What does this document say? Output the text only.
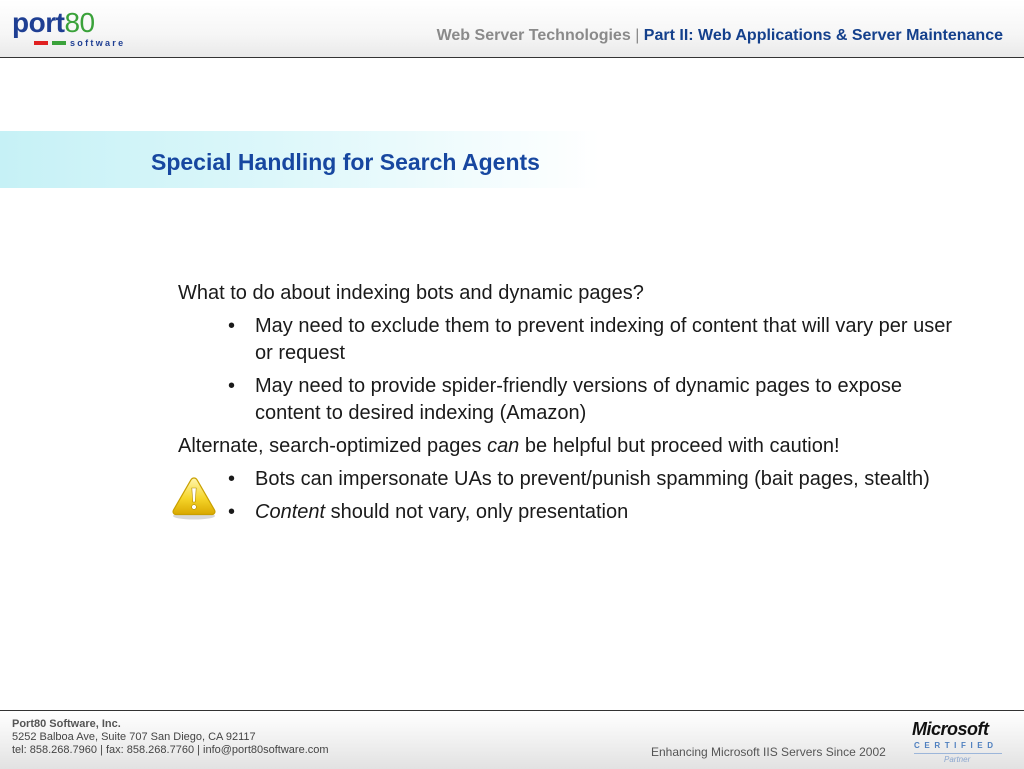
port80
software	Web Server Technologies | Part II: Web Applications & Server Maintenance
Special Handling for Search Agents

What to do about indexing bots and dynamic pages?

• May need to exclude them to prevent indexing of content that will vary per user or request
• May need to provide spider-friendly versions of dynamic pages to expose content to desired indexing (Amazon)

Alternate, search-optimized pages can be helpful but proceed with caution!

• Bots can impersonate UAs to prevent/punish spamming (bait pages, stealth)
• Content should not vary, only presentation
Port80 Software, Inc.
5252 Balboa Ave, Suite 707 San Diego, CA 92117
tel: 858.268.7960 | fax: 858.268.7760 | info@port80software.com	Enhancing Microsoft IIS Servers Since 2002
Microsoft
CERTIFIED
Partner
